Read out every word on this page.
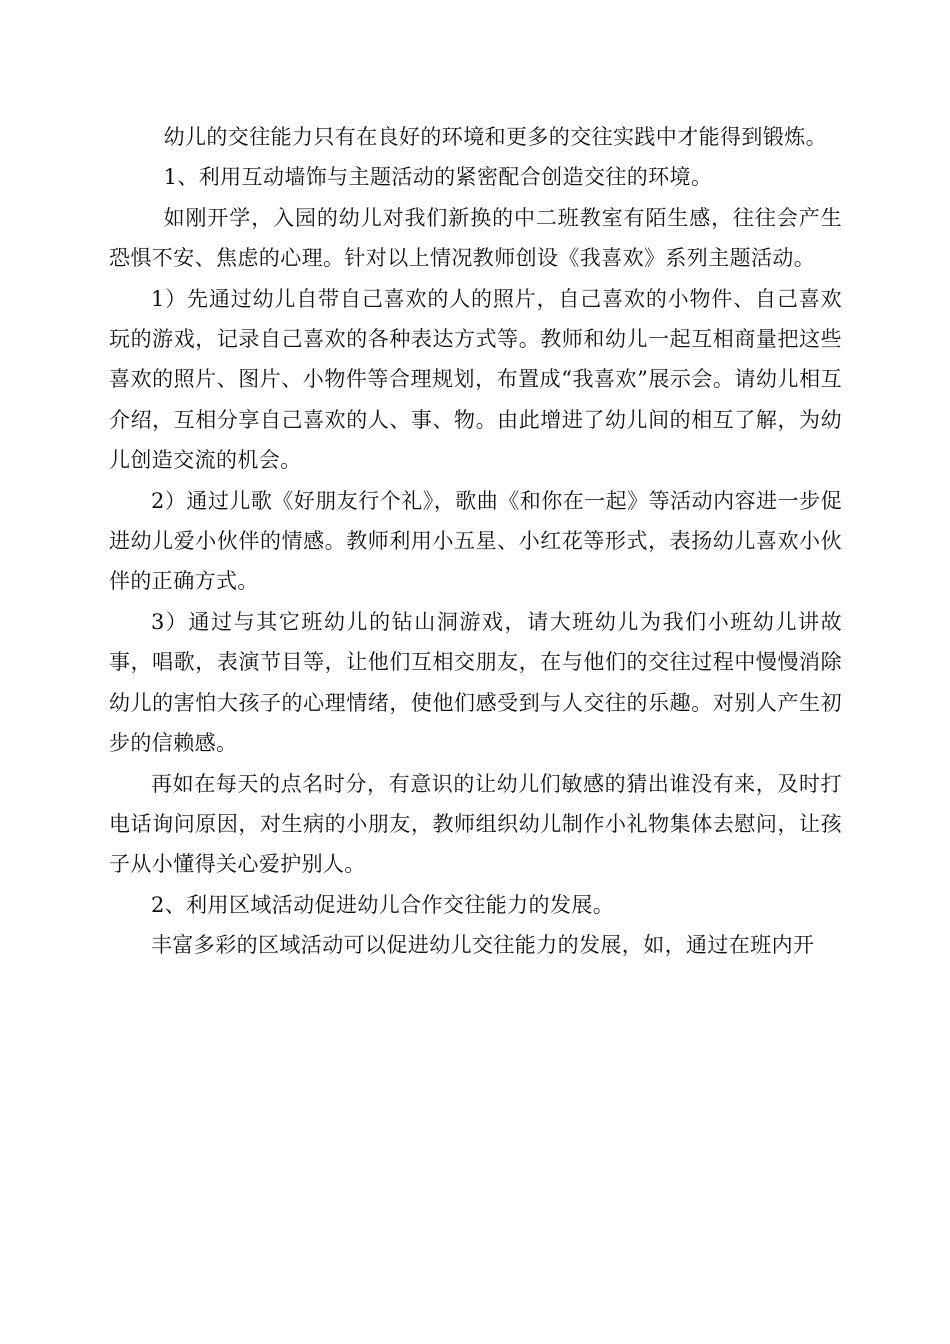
幼儿的交往能力只有在良好的环境和更多的交往实践中才能得到锻炼。

1、利用互动墙饰与主题活动的紧密配合创造交往的环境。

如刚开学，入园的幼儿对我们新换的中二班教室有陌生感，往往会产生恐惧不安、焦虑的心理。针对以上情况教师创设《我喜欢》系列主题活动。

1）先通过幼儿自带自己喜欢的人的照片，自己喜欢的小物件、自己喜欢玩的游戏，记录自己喜欢的各种表达方式等。教师和幼儿一起互相商量把这些喜欢的照片、图片、小物件等合理规划，布置成“我喜欢”展示会。请幼儿相互介绍，互相分享自己喜欢的人、事、物。由此增进了幼儿间的相互了解，为幼儿创造交流的机会。

2）通过儿歌《好朋友行个礼》，歌曲《和你在一起》等活动内容进一步促进幼儿爱小伙伴的情感。教师利用小五星、小红花等形式，表扬幼儿喜欢小伙伴的正确方式。

3）通过与其它班幼儿的钻山洞游戏，请大班幼儿为我们小班幼儿讲故事，唱歌，表演节目等，让他们互相交朋友，在与他们的交往过程中慢慢消除幼儿的害怕大孩子的心理情绪，使他们感受到与人交往的乐趣。对别人产生初步的信赖感。

再如在每天的点名时分，有意识的让幼儿们敏感的猜出谁没有来，及时打电话询问原因，对生病的小朋友，教师组织幼儿制作小礼物集体去慰问，让孩子从小懂得关心爱护别人。

2、利用区域活动促进幼儿合作交往能力的发展。

丰富多彩的区域活动可以促进幼儿交往能力的发展，如，通过在班内开
